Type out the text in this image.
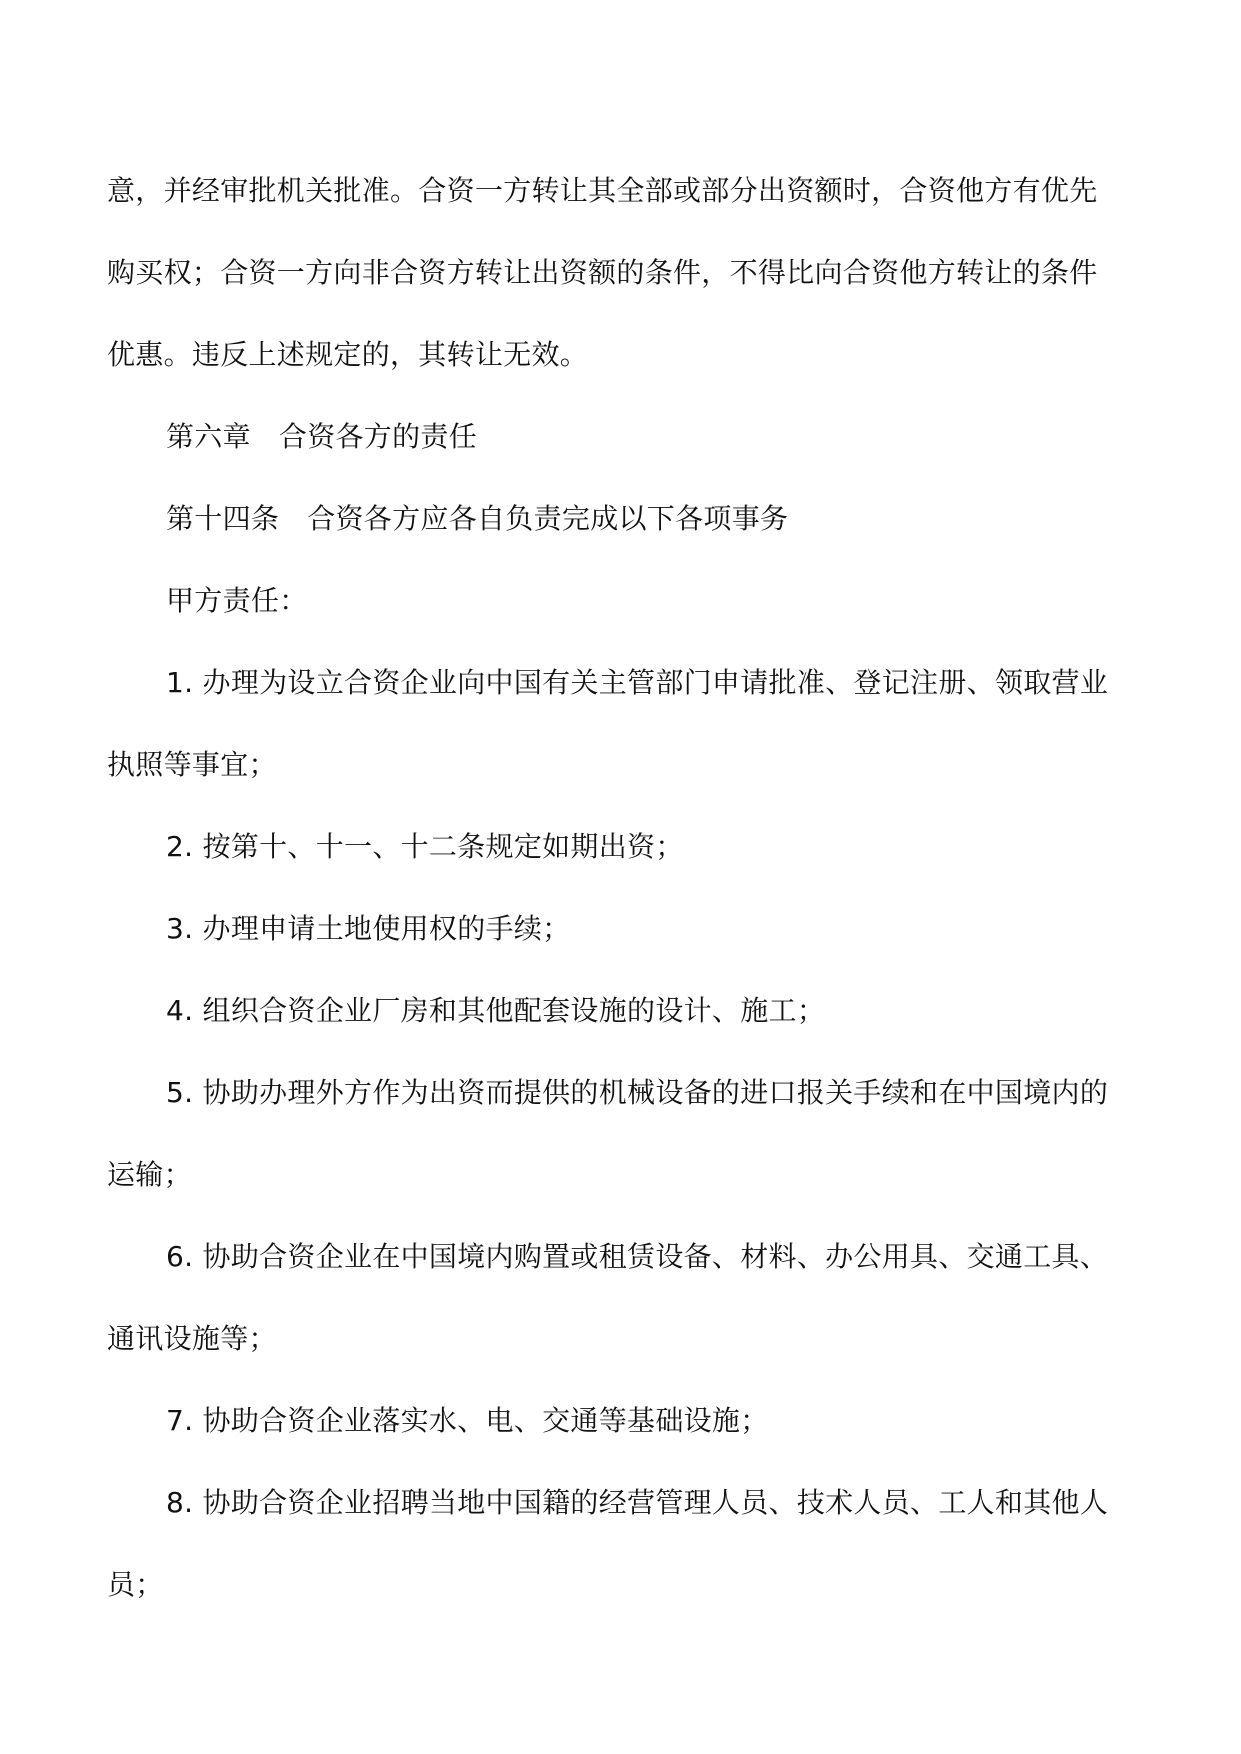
意，并经审批机关批准。合资一方转让其全部或部分出资额时，合资他方有优先
购买权；合资一方向非合资方转让出资额的条件，不得比向合资他方转让的条件
优惠。违反上述规定的，其转让无效。
第六章 合资各方的责任
第十四条 合资各方应各自负责完成以下各项事务
甲方责任：
1. 办理为设立合资企业向中国有关主管部门申请批准、登记注册、领取营业
执照等事宜；
2. 按第十、十一、十二条规定如期出资；
3. 办理申请土地使用权的手续；
4. 组织合资企业厂房和其他配套设施的设计、施工；
5. 协助办理外方作为出资而提供的机械设备的进口报关手续和在中国境内的
运输；
6. 协助合资企业在中国境内购置或租赁设备、材料、办公用具、交通工具、
通讯设施等；
7. 协助合资企业落实水、电、交通等基础设施；
8. 协助合资企业招聘当地中国籍的经营管理人员、技术人员、工人和其他人
员；
